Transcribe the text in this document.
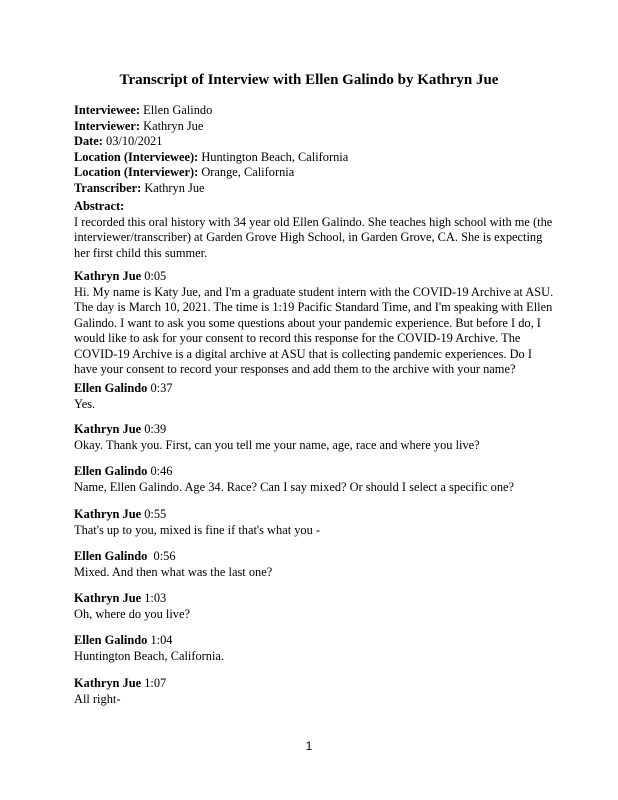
Transcript of Interview with Ellen Galindo by Kathryn Jue
Interviewee: Ellen Galindo
Interviewer: Kathryn Jue
Date: 03/10/2021
Location (Interviewee): Huntington Beach, California
Location (Interviewer): Orange, California
Transcriber: Kathryn Jue
Abstract:
I recorded this oral history with 34 year old Ellen Galindo. She teaches high school with me (the
interviewer/transcriber) at Garden Grove High School, in Garden Grove, CA. She is expecting
her first child this summer.
Kathryn Jue 0:05
Hi. My name is Katy Jue, and I'm a graduate student intern with the COVID-19 Archive at ASU.
The day is March 10, 2021. The time is 1:19 Pacific Standard Time, and I'm speaking with Ellen
Galindo. I want to ask you some questions about your pandemic experience. But before I do, I
would like to ask for your consent to record this response for the COVID-19 Archive. The
COVID-19 Archive is a digital archive at ASU that is collecting pandemic experiences. Do I
have your consent to record your responses and add them to the archive with your name?
Ellen Galindo 0:37
Yes.
Kathryn Jue 0:39
Okay. Thank you. First, can you tell me your name, age, race and where you live?
Ellen Galindo 0:46
Name, Ellen Galindo. Age 34. Race? Can I say mixed? Or should I select a specific one?
Kathryn Jue 0:55
That's up to you, mixed is fine if that's what you -
Ellen Galindo  0:56
Mixed. And then what was the last one?
Kathryn Jue 1:03
Oh, where do you live?
Ellen Galindo 1:04
Huntington Beach, California.
Kathryn Jue 1:07
All right-
1
